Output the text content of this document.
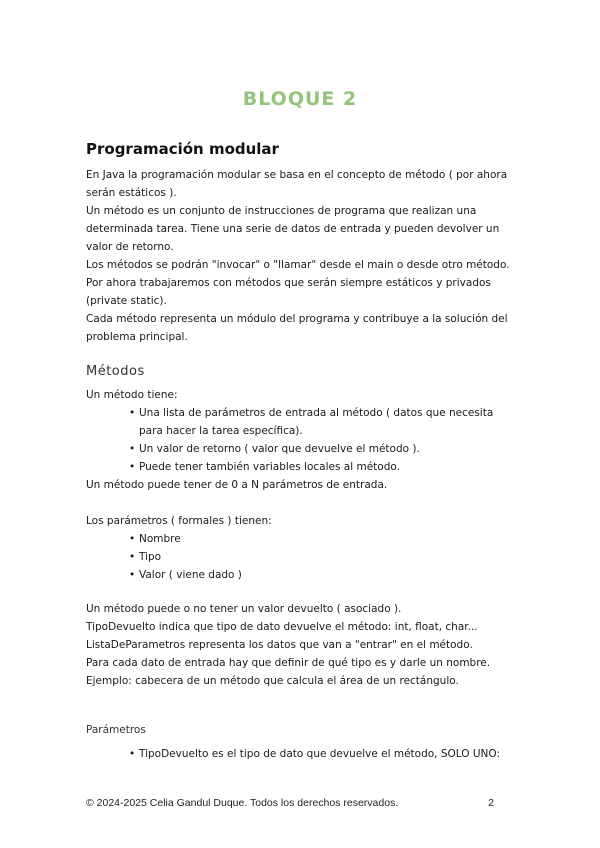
BLOQUE 2
Programación modular

En Java la programación modular se basa en el concepto de método ( por ahora serán estáticos ).

Un método es un conjunto de instrucciones de programa que realizan una determinada tarea. Tiene una serie de datos de entrada y pueden devolver un valor de retorno.

Los métodos se podrán "invocar" o "llamar" desde el main o desde otro método.

Por ahora trabajaremos con métodos que serán siempre estáticos y privados (private static).

Cada método representa un módulo del programa y contribuye a la solución del problema principal.

Métodos

Un método tiene:

• Una lista de parámetros de entrada al método ( datos que necesita para hacer la tarea específica).
• Un valor de retorno ( valor que devuelve el método ).
• Puede tener también variables locales al método.

Un método puede tener de 0 a N parámetros de entrada.

Los parámetros ( formales ) tienen:

• Nombre
• Tipo
• Valor ( viene dado )

Un método puede o no tener un valor devuelto ( asociado ).

TipoDevuelto indica que tipo de dato devuelve el método: int, float, char...

ListaDeParametros representa los datos que van a "entrar" en el método.

Para cada dato de entrada hay que definir de qué tipo es y darle un nombre.

Ejemplo: cabecera de un método que calcula el área de un rectángulo.

Parámetros
• TipoDevuelto es el tipo de dato que devuelve el método, SOLO UNO:
© 2024-2025 Celia Gandul Duque. Todos los derechos reservados.	2
